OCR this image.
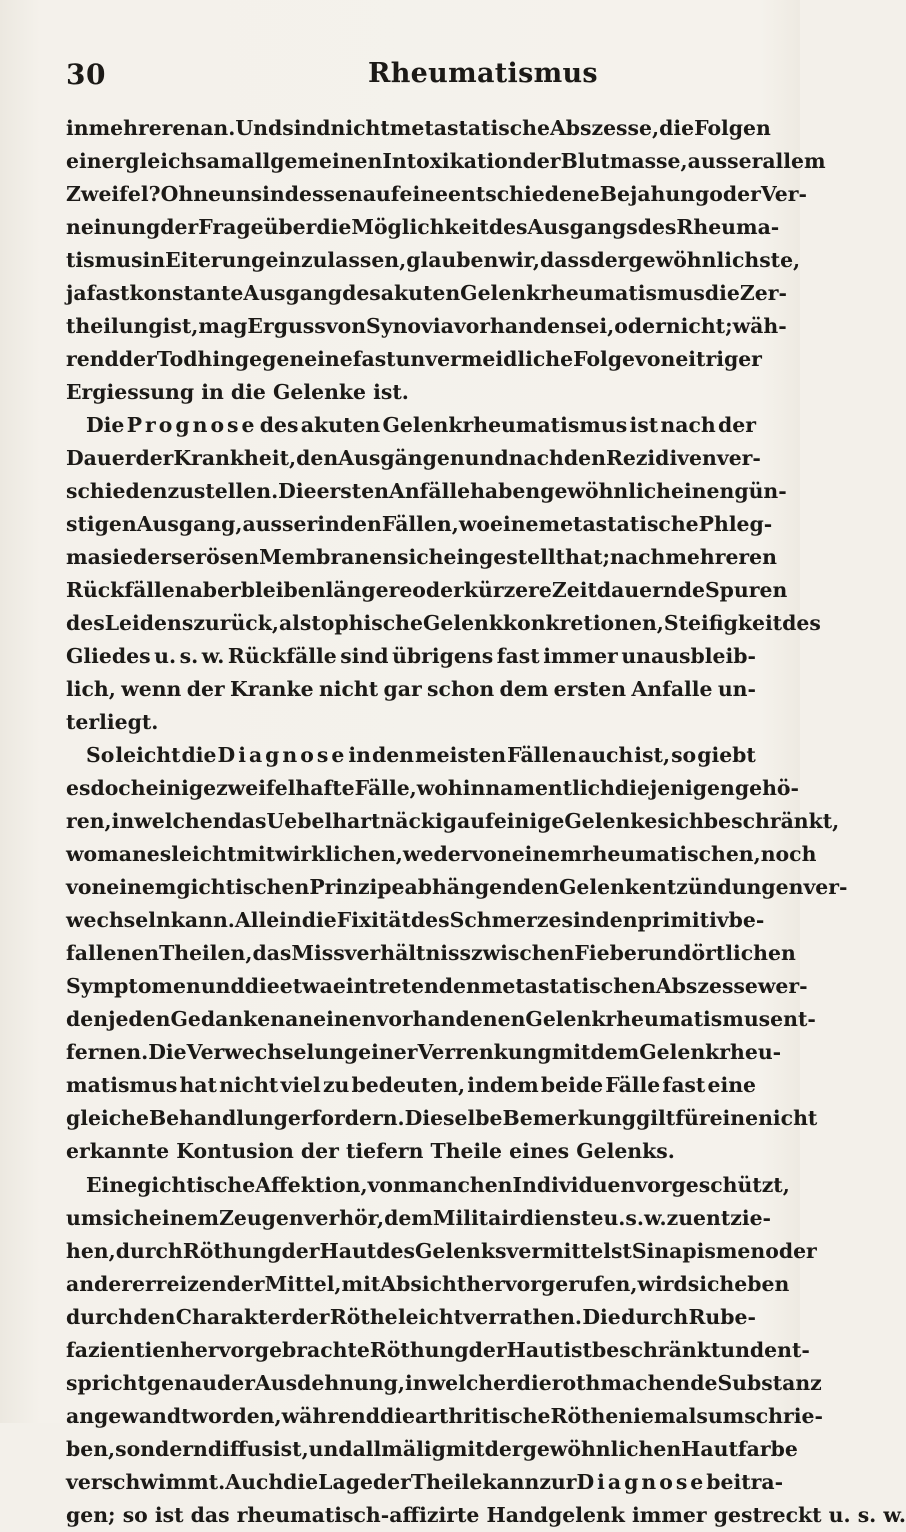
30	Rheumatismus
in mehreren an. Und sind nicht metastatische Abszesse, die Folgen
einer gleichsam allgemeinen Intoxikation der Blutmasse, ausser allem
Zweifel? Ohne uns indessen auf eine entschiedene Bejahung oder Ver-
neinung der Frage über die Möglichkeit des Ausgangs des Rheuma-
tismus in Eiterung einzulassen, glauben wir, dass der gewöhnlichste,
ja fast konstante Ausgang des akuten Gelenkrheumatismus die Zer-
theilung ist, mag Erguss von Synovia vorhanden sei, oder nicht; wäh-
rend der Tod hingegen eine fast unvermeidliche Folge von eitriger
Ergiessung in die Gelenke ist.
Die Prognose des akuten Gelenkrheumatismus ist nach der
Dauer der Krankheit, den Ausgängen und nach den Rezidiven ver-
schieden zu stellen. Die ersten Anfälle haben gewöhnlich einen gün-
stigen Ausgang, ausser in den Fällen, wo eine metastatische Phleg-
masie der serösen Membranen sich eingestellt hat; nach mehreren
Rückfällen aber bleiben längere oder kürzere Zeit dauernde Spuren
des Leidens zurück, als tophische Gelenkkonkretionen, Steifigkeit des
Gliedes u. s. w. Rückfälle sind übrigens fast immer unausbleib-
lich, wenn der Kranke nicht gar schon dem ersten Anfalle un-
terliegt.
So leicht die Diagnose in den meisten Fällen auch ist, so giebt
es doch einige zweifelhafte Fälle, wohin namentlich diejenigen gehö-
ren, in welchen das Uebel hartnäckig auf einige Gelenke sich beschränkt,
wo man es leicht mit wirklichen, weder von einem rheumatischen, noch
von einem gichtischen Prinzipe abhängenden Gelenkentzündungen ver-
wechseln kann. Allein die Fixität des Schmerzes in den primitiv be-
fallenen Theilen, das Missverhältniss zwischen Fieber und örtlichen
Symptomen und die etwa eintretenden metastatischen Abszesse wer-
den jeden Gedanken an einen vorhandenen Gelenkrheumatismus ent-
fernen. Die Verwechselung einer Verrenkung mit dem Gelenkrheu-
matismus hat nicht viel zu bedeuten, indem beide Fälle fast eine
gleiche Behandlung erfordern. Dieselbe Bemerkung gilt für eine nicht
erkannte Kontusion der tiefern Theile eines Gelenks.
Eine gichtische Affektion, von manchen Individuen vorgeschützt,
um sich einem Zeugenverhör, dem Militairdienste u. s. w. zu entzie-
hen, durch Röthung der Haut des Gelenks vermittelst Sinapismen oder
anderer reizender Mittel, mit Absicht hervorgerufen, wird sich eben
durch den Charakter der Röthe leicht verrathen. Die durch Rube-
fazientien hervorgebrachte Röthung der Haut ist beschränkt und ent-
spricht genau der Ausdehnung, in welcher die rothmachende Substanz
angewandt worden, während die arthritische Röthe niemals umschrie-
ben, sondern diffus ist, und allmälig mit der gewöhnlichen Hautfarbe
verschwimmt. Auch die Lage der Theile kann zur Diagnose beitra-
gen; so ist das rheumatisch-affizirte Handgelenk immer gestreckt u. s. w.
